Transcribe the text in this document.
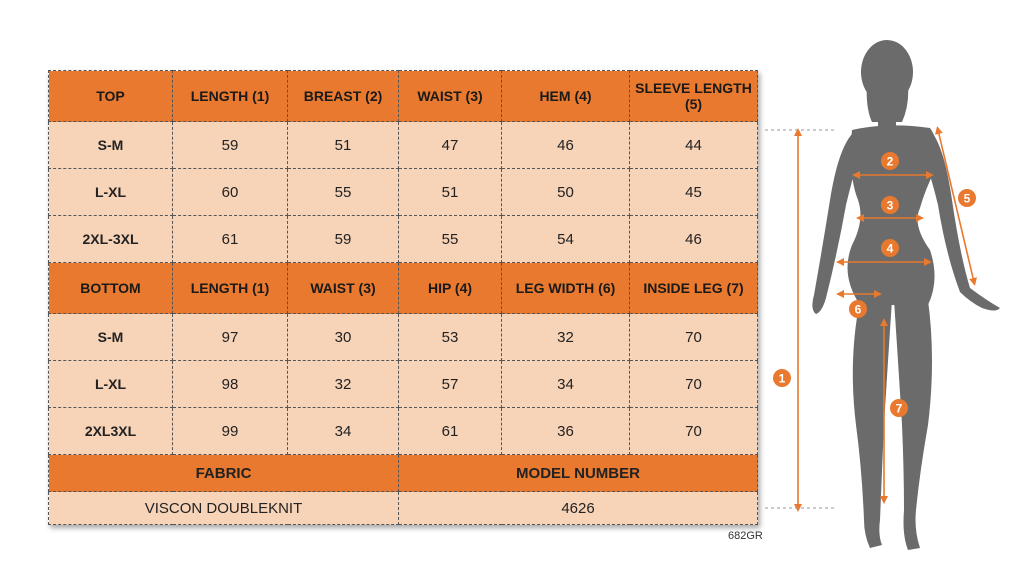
TOP	LENGTH (1)	BREAST (2)	WAIST (3)	HEM (4)	SLEEVE LENGTH (5)
S-M	59	51	47	46	44
L-XL	60	55	51	50	45
2XL-3XL	61	59	55	54	46
BOTTOM	LENGTH (1)	WAIST (3)	HIP (4)	LEG WIDTH (6)	INSIDE LEG (7)
S-M	97	30	53	32	70
L-XL	98	32	57	34	70
2XL3XL	99	34	61	36	70
FABRIC			MODEL NUMBER		
VISCON DOUBLEKNIT			4626		
682GR
1
2
3
4
5
6
7
